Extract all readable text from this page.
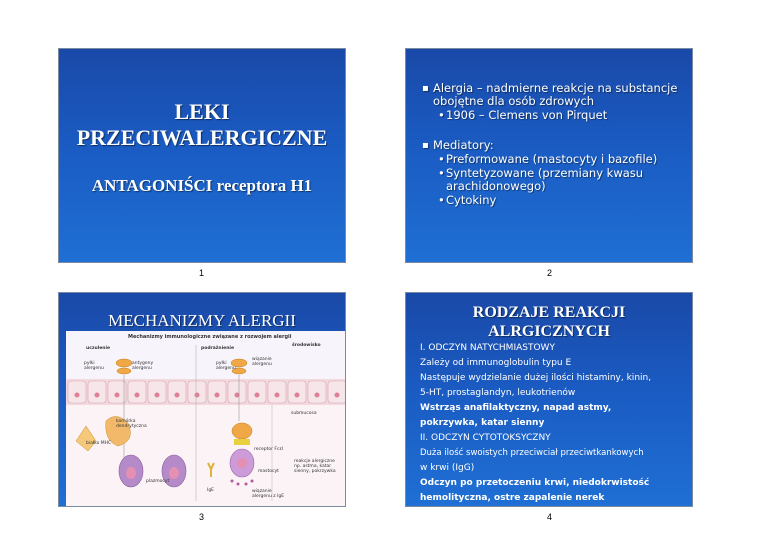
LEKI
PRZECIWALERGICZNE
ANTAGONIŚCI receptora H1
1
▪ Alergia – nadmierne reakcje na substancje
obojętne dla osób zdrowych
• 1906 – Clemens von Pirquet
▪ Mediatory:
• Preformowane (mastocyty i bazofile)
• Syntetyzowane (przemiany kwasu
arachidonowego)
• Cytokiny
2
MECHANIZMY ALERGII
Mechanizmy immunologiczne związane z rozwojem alergii
uczulenie	podrażnienie
środowisko
pyłki alergenu
antygeny alergenu
pyłki alergenu
wiązanie alergenu
submucosa
komórka dendrytyczna
białko MHC
plazmocyt
IgE
receptor FcɛI
mastocyt
reakcje alergiczne np. astma, katar sienny, pokrzywka
wiązanie alergenu z IgE
3
RODZAJE REAKCJI
ALRGICZNYCH
I. ODCZYN NATYCHMIASTOWY
Zależy od immunoglobulin typu E
Następuje wydzielanie dużej ilości histaminy, kinin,
5-HT, prostaglandyn, leukotrienów
Wstrząs anafilaktyczny, napad astmy,
pokrzywka, katar sienny
II. ODCZYN CYTOTOKSYCZNY
Duża ilość swoistych przeciwciał przeciwtkankowych
w krwi (IgG)
Odczyn po przetoczeniu krwi, niedokrwistość
hemolityczna, ostre zapalenie nerek
4
